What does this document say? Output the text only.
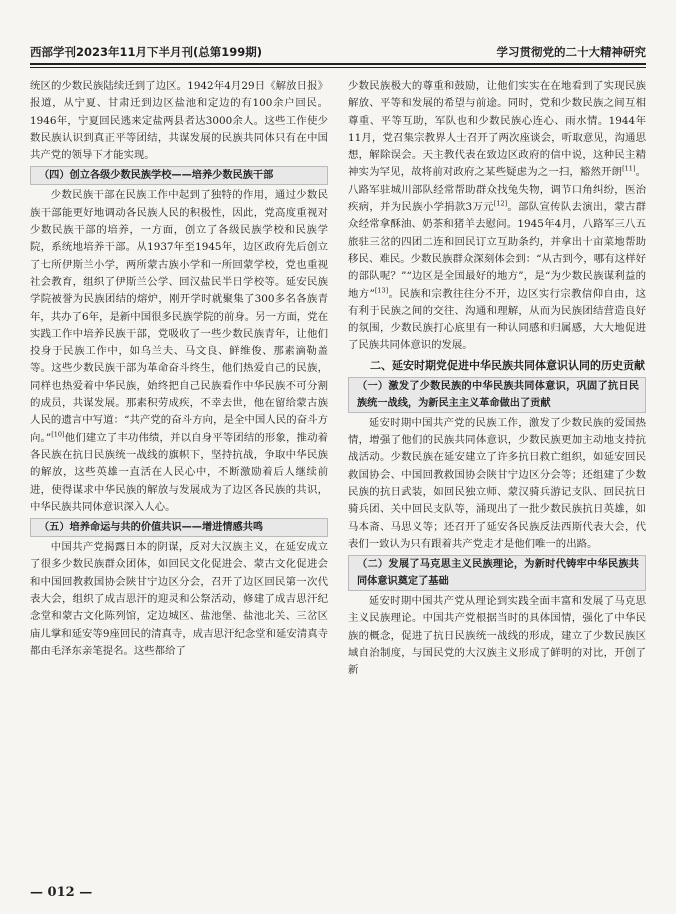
西部学刊2023年11月下半月刊(总第199期)	学习贯彻党的二十大精神研究

统区的少数民族陆续迁到了边区。1942年4月29日《解放日报》报道，从宁夏、甘肃迁到边区盐池和定边的有100余户回民。1946年，宁夏回民逃来定盐两县者达3000余人。这些工作使少数民族认识到真正平等团结，共谋发展的民族共同体只有在中国共产党的领导下才能实现。

（四）创立各级少数民族学校——培养少数民族干部

少数民族干部在民族工作中起到了独特的作用，通过少数民族干部能更好地调动各民族人民的积极性，因此，党高度重视对少数民族干部的培养，一方面，创立了各级民族学校和民族学院，系统地培养干部。从1937年至1945年，边区政府先后创立了七所伊斯兰小学，两所蒙古族小学和一所回蒙学校，党也重视社会教育，组织了伊斯兰公学、回汉盐民半日学校等。延安民族学院被誉为民族团结的熔炉，刚开学时就聚集了300多名各族青年，共办了6年，是新中国很多民族学院的前身。另一方面，党在实践工作中培养民族干部，党吸收了一些少数民族青年，让他们投身于民族工作中，如乌兰夫、马文良、鲜维俊、那素滴勒盖等。这些少数民族干部为革命奋斗终生，他们热爱自己的民族，同样也热爱着中华民族，始终把自己民族看作中华民族不可分割的成员，共谋发展。那素积劳成疾，不幸去世，他在留给蒙古族人民的遗言中写道：“共产党的奋斗方向，是全中国人民的奋斗方向。”[10]他们建立了丰功伟绩，并以自身平等团结的形象，推动着各民族在抗日民族统一战线的旗帜下，坚持抗战，争取中华民族的解放，这些英雄一直活在人民心中，不断激励着后人继续前进，使得谋求中华民族的解放与发展成为了边区各民族的共识，中华民族共同体意识深入人心。

（五）培养命运与共的价值共识——增进情感共鸣

中国共产党揭露日本的阴谋，反对大汉族主义，在延安成立了很多少数民族群众团体，如回民文化促进会、蒙古文化促进会和中国回教救国协会陕甘宁边区分会，召开了边区回民第一次代表大会，组织了成吉思汗的迎灵和公祭活动，修建了成吉思汗纪念堂和蒙古文化陈列馆，定边城区、盐池堡、盐池北关、三岔区庙儿掌和延安等9座回民的清真寺，成吉思汗纪念堂和延安清真寺都由毛泽东亲笔提名。这些都给了

少数民族极大的尊重和鼓励，让他们实实在在地看到了实现民族解放、平等和发展的希望与前途。同时，党和少数民族之间互相尊重、平等互助，军队也和少数民族心连心、雨水情。1944年11月，党召集宗教界人士召开了两次座谈会，听取意见，沟通思想，解除误会。天主教代表在致边区政府的信中说，这种民主精神实为罕见，故将前对政府之某些疑虑为之一扫，豁然开朗[11]。八路军驻城川部队经常帮助群众找兔失物，调节口角纠纷，医治疾病，并为民族小学捐款3万元[12]。部队宣传队去演出，蒙古群众经常拿酥油、奶茶和猪羊去慰问。1945年4月，八路军三八五旅驻三岔的四团二连和回民订立互助条约，并拿出十亩菜地帮助移民、难民。少数民族群众深刻体会到：“从古到今，哪有这样好的部队呢？”“边区是全国最好的地方”，是“为少数民族谋利益的地方”[13]。民族和宗教往往分不开，边区实行宗教信仰自由，这有利于民族之间的交往、沟通和理解，从而为民族团结营造良好的氛围，少数民族打心底里有一种认同感和归属感，大大地促进了民族共同体意识的发展。

二、延安时期党促进中华民族共同体意识认同的历史贡献
（一）激发了少数民族的中华民族共同体意识，巩固了抗日民族统一战线，为新民主主义革命做出了贡献

延安时期中国共产党的民族工作，激发了少数民族的爱国热情，增强了他们的民族共同体意识，少数民族更加主动地支持抗战活动。少数民族在延安建立了许多抗日救亡组织，如延安回民救国协会、中国回教救国协会陕甘宁边区分会等；还组建了少数民族的抗日武装，如回民独立师、蒙汉骑兵游记支队、回民抗日骑兵团、关中回民支队等，涌现出了一批少数民族抗日英雄，如马本斋、马思义等；还召开了延安各民族反法西斯代表大会，代表们一致认为只有跟着共产党走才是他们唯一的出路。

（二）发展了马克思主义民族理论，为新时代铸牢中华民族共同体意识奠定了基础

延安时期中国共产党从理论到实践全面丰富和发展了马克思主义民族理论。中国共产党根据当时的具体国情，强化了中华民族的概念，促进了抗日民族统一战线的形成，建立了少数民族区域自治制度，与国民党的大汉族主义形成了鲜明的对比，开创了新

— 012 —
